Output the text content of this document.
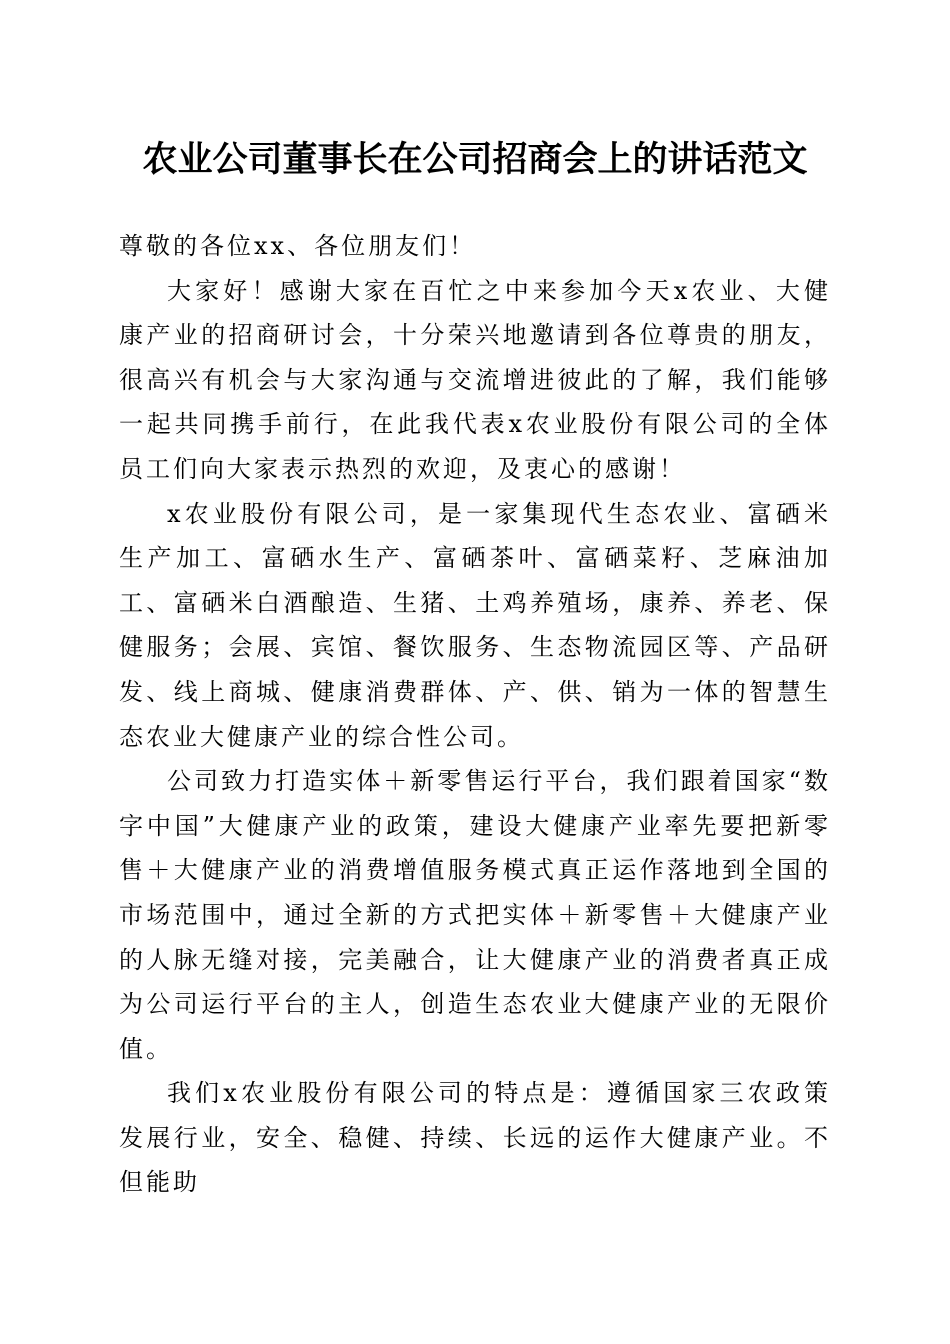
农业公司董事长在公司招商会上的讲话范文

尊敬的各位xx、各位朋友们！

大家好！感谢大家在百忙之中来参加今天x农业、大健康产业的招商研讨会，十分荣兴地邀请到各位尊贵的朋友，很高兴有机会与大家沟通与交流增进彼此的了解，我们能够一起共同携手前行，在此我代表x农业股份有限公司的全体员工们向大家表示热烈的欢迎，及衷心的感谢！

x农业股份有限公司，是一家集现代生态农业、富硒米生产加工、富硒水生产、富硒茶叶、富硒菜籽、芝麻油加工、富硒米白酒酿造、生猪、土鸡养殖场，康养、养老、保健服务；会展、宾馆、餐饮服务、生态物流园区等、产品研发、线上商城、健康消费群体、产、供、销为一体的智慧生态农业大健康产业的综合性公司。

公司致力打造实体＋新零售运行平台，我们跟着国家“数字中国”大健康产业的政策，建设大健康产业率先要把新零售＋大健康产业的消费增值服务模式真正运作落地到全国的市场范围中，通过全新的方式把实体＋新零售＋大健康产业的人脉无缝对接，完美融合，让大健康产业的消费者真正成为公司运行平台的主人，创造生态农业大健康产业的无限价值。

我们x农业股份有限公司的特点是：遵循国家三农政策发展行业，安全、稳健、持续、长远的运作大健康产业。不但能助
